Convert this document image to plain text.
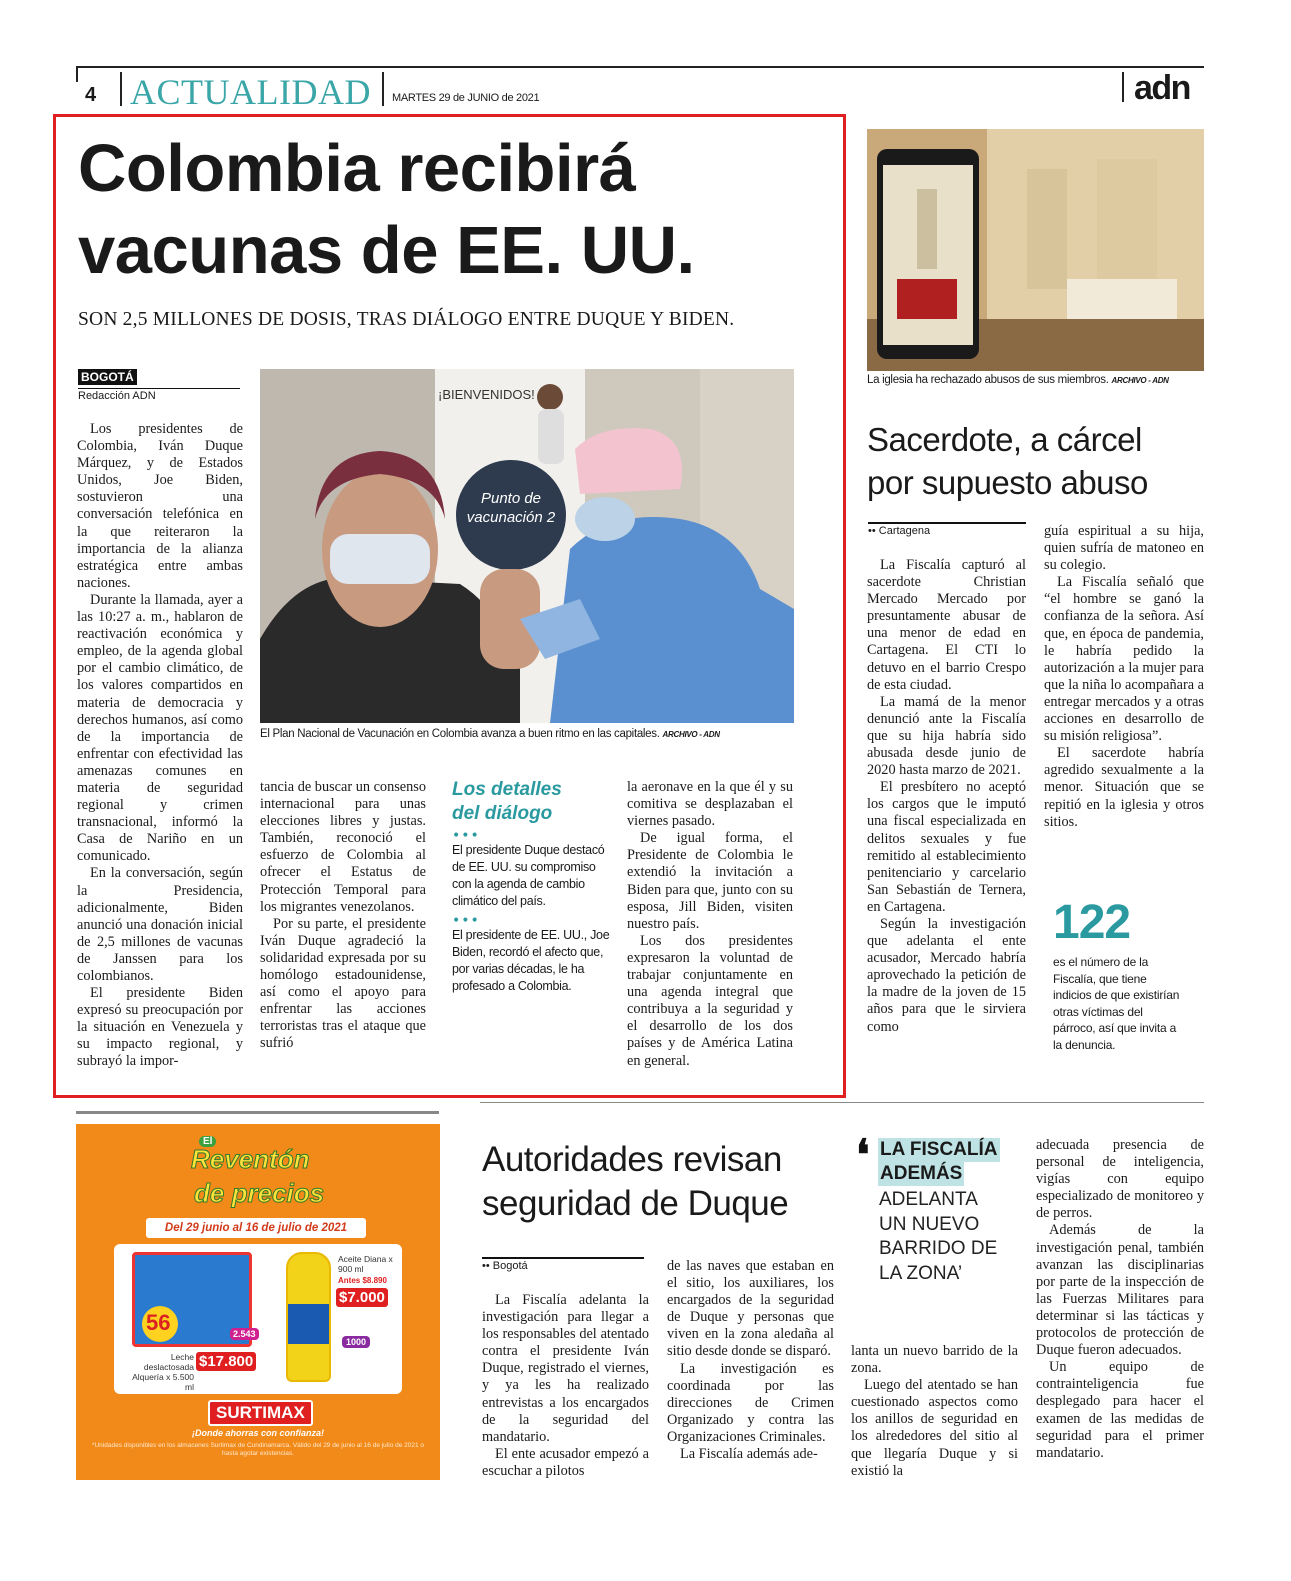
4 ACTUALIDAD MARTES 29 de JUNIO de 2021	adn
Colombia recibirá
vacunas de EE. UU.
SON 2,5 MILLONES DE DOSIS, TRAS DIÁLOGO ENTRE DUQUE Y BIDEN.
BOGOTÁ
Redacción ADN

Los presidentes de Colombia, Iván Duque Márquez, y de Estados Unidos, Joe Biden, sostuvieron una conversación telefónica en la que reiteraron la importancia de la alianza estratégica entre ambas naciones.

Durante la llamada, ayer a las 10:27 a. m., hablaron de reactivación económica y empleo, de la agenda global por el cambio climático, de los valores compartidos en materia de democracia y derechos humanos, así como de la importancia de enfrentar con efectividad las amenazas comunes en materia de seguridad regional y crimen transnacional, informó la Casa de Nariño en un comunicado.

En la conversación, según la Presidencia, adicionalmente, Biden anunció una donación inicial de 2,5 millones de vacunas de Janssen para los colombianos.

El presidente Biden expresó su preocupación por la situación en Venezuela y su impacto regional, y subrayó la impor-

¡BIENVENIDOS!
Punto de vacunación 2
El Plan Nacional de Vacunación en Colombia avanza a buen ritmo en las capitales. ARCHIVO - ADN

tancia de buscar un consenso internacional para unas elecciones libres y justas. También, reconoció el esfuerzo de Colombia al ofrecer el Estatus de Protección Temporal para los migrantes venezolanos.

Por su parte, el presidente Iván Duque agradeció la solidaridad expresada por su homólogo estadounidense, así como el apoyo para enfrentar las acciones terroristas tras el ataque que sufrió

Los detalles
del diálogo
•••
El presidente Duque destacó de EE. UU. su compromiso con la agenda de cambio climático del país.
•••
El presidente de EE. UU., Joe Biden, recordó el afecto que, por varias décadas, le ha profesado a Colombia.

la aeronave en la que él y su comitiva se desplazaban el viernes pasado.

De igual forma, el Presidente de Colombia le extendió la invitación a Biden para que, junto con su esposa, Jill Biden, visiten nuestro país.

Los dos presidentes expresaron la voluntad de trabajar conjuntamente en una agenda integral que contribuya a la seguridad y el desarrollo de los dos países y de América Latina en general.

La iglesia ha rechazado abusos de sus miembros. ARCHIVO - ADN
Sacerdote, a cárcel
por supuesto abuso
•• Cartagena

La Fiscalía capturó al sacerdote Christian Mercado Mercado por presuntamente abusar de una menor de edad en Cartagena. El CTI lo detuvo en el barrio Crespo de esta ciudad.

La mamá de la menor denunció ante la Fiscalía que su hija habría sido abusada desde junio de 2020 hasta marzo de 2021.

El presbítero no aceptó los cargos que le imputó una fiscal especializada en delitos sexuales y fue remitido al establecimiento penitenciario y carcelario San Sebastián de Ternera, en Cartagena.

Según la investigación que adelanta el ente acusador, Mercado habría aprovechado la petición de la madre de la joven de 15 años para que le sirviera como

guía espiritual a su hija, quien sufría de matoneo en su colegio.

La Fiscalía señaló que “el hombre se ganó la confianza de la señora. Así que, en época de pandemia, le habría pedido la autorización a la mujer para que la niña lo acompañara a entregar mercados y a otras acciones en desarrollo de su misión religiosa”.

El sacerdote habría agredido sexualmente a la menor. Situación que se repitió en la iglesia y otros sitios.

122
es el número de la Fiscalía, que tiene indicios de que existirían otras víctimas del párroco, así que invita a la denuncia.
El
Reventón
de precios
Del 29 junio al 16 de julio de 2021
56	2.543
Leche deslactosada Alquería x 5.500 ml
$17.800
Aceite Diana x 900 ml
Antes $8.890
$7.000
1000
SURTIMAX
¡Donde ahorras con confianza!
*Unidades disponibles en los almacenes Surtimax de Cundinamarca. Válido del 29 de junio al 16 de julio de 2021 o hasta agotar existencias.
Autoridades revisan
seguridad de Duque
•• Bogotá

La Fiscalía adelanta la investigación para llegar a los responsables del atentado contra el presidente Iván Duque, registrado el viernes, y ya les ha realizado entrevistas a los encargados de la seguridad del mandatario.

El ente acusador empezó a escuchar a pilotos

de las naves que estaban en el sitio, los auxiliares, los encargados de la seguridad de Duque y personas que viven en la zona aledaña al sitio desde donde se disparó.

La investigación es coordinada por las direcciones de Crimen Organizado y contra las Organizaciones Criminales.

La Fiscalía además ade-

❛ LA FISCALÍA
ADEMÁS
ADELANTA
UN NUEVO
BARRIDO DE
LA ZONA’

lanta un nuevo barrido de la zona.

Luego del atentado se han cuestionado aspectos como los anillos de seguridad en los alrededores del sitio al que llegaría Duque y si existió la

adecuada presencia de personal de inteligencia, vigías con equipo especializado de monitoreo y de perros.

Además de la investigación penal, también avanzan las disciplinarias por parte de la inspección de las Fuerzas Militares para determinar si las tácticas y protocolos de protección de Duque fueron adecuados.

Un equipo de contrainteligencia fue desplegado para hacer el examen de las medidas de seguridad para el primer mandatario.
